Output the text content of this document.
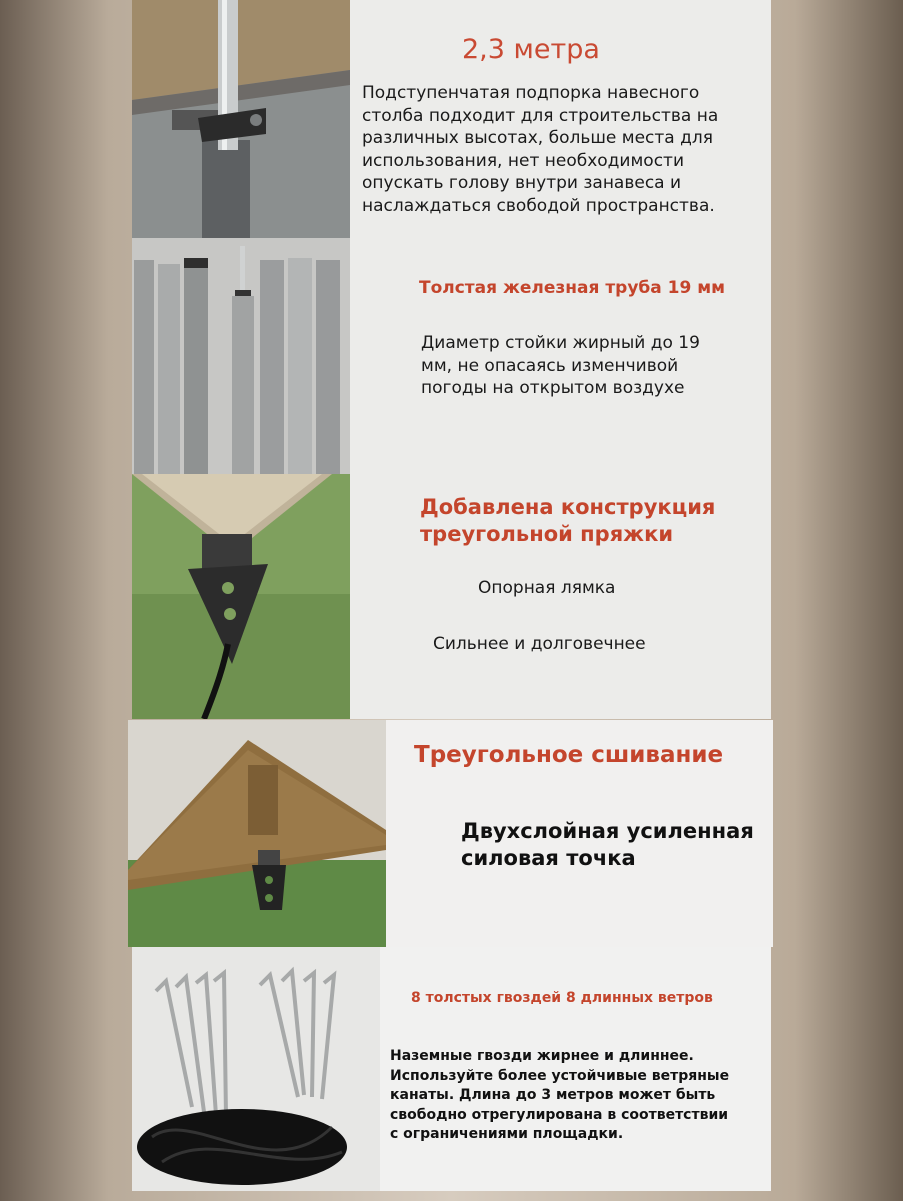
2,3 метра
Подступенчатая подпорка навесного столба подходит для строительства на различных высотах, больше места для использования, нет необходимости опускать голову внутри занавеса и наслаждаться свободой пространства.
Толстая железная труба 19 мм
Диаметр стойки жирный до 19 мм, не опасаясь изменчивой погоды на открытом воздухе
Добавлена конструкция треугольной пряжки
Опорная лямка
Сильнее и долговечнее
Треугольное сшивание
Двухслойная усиленная силовая точка
8 толстых гвоздей 8 длинных ветров
Наземные гвозди жирнее и длиннее. Используйте более устойчивые ветряные канаты. Длина до 3 метров может быть свободно отрегулирована в соответствии с ограничениями площадки.
